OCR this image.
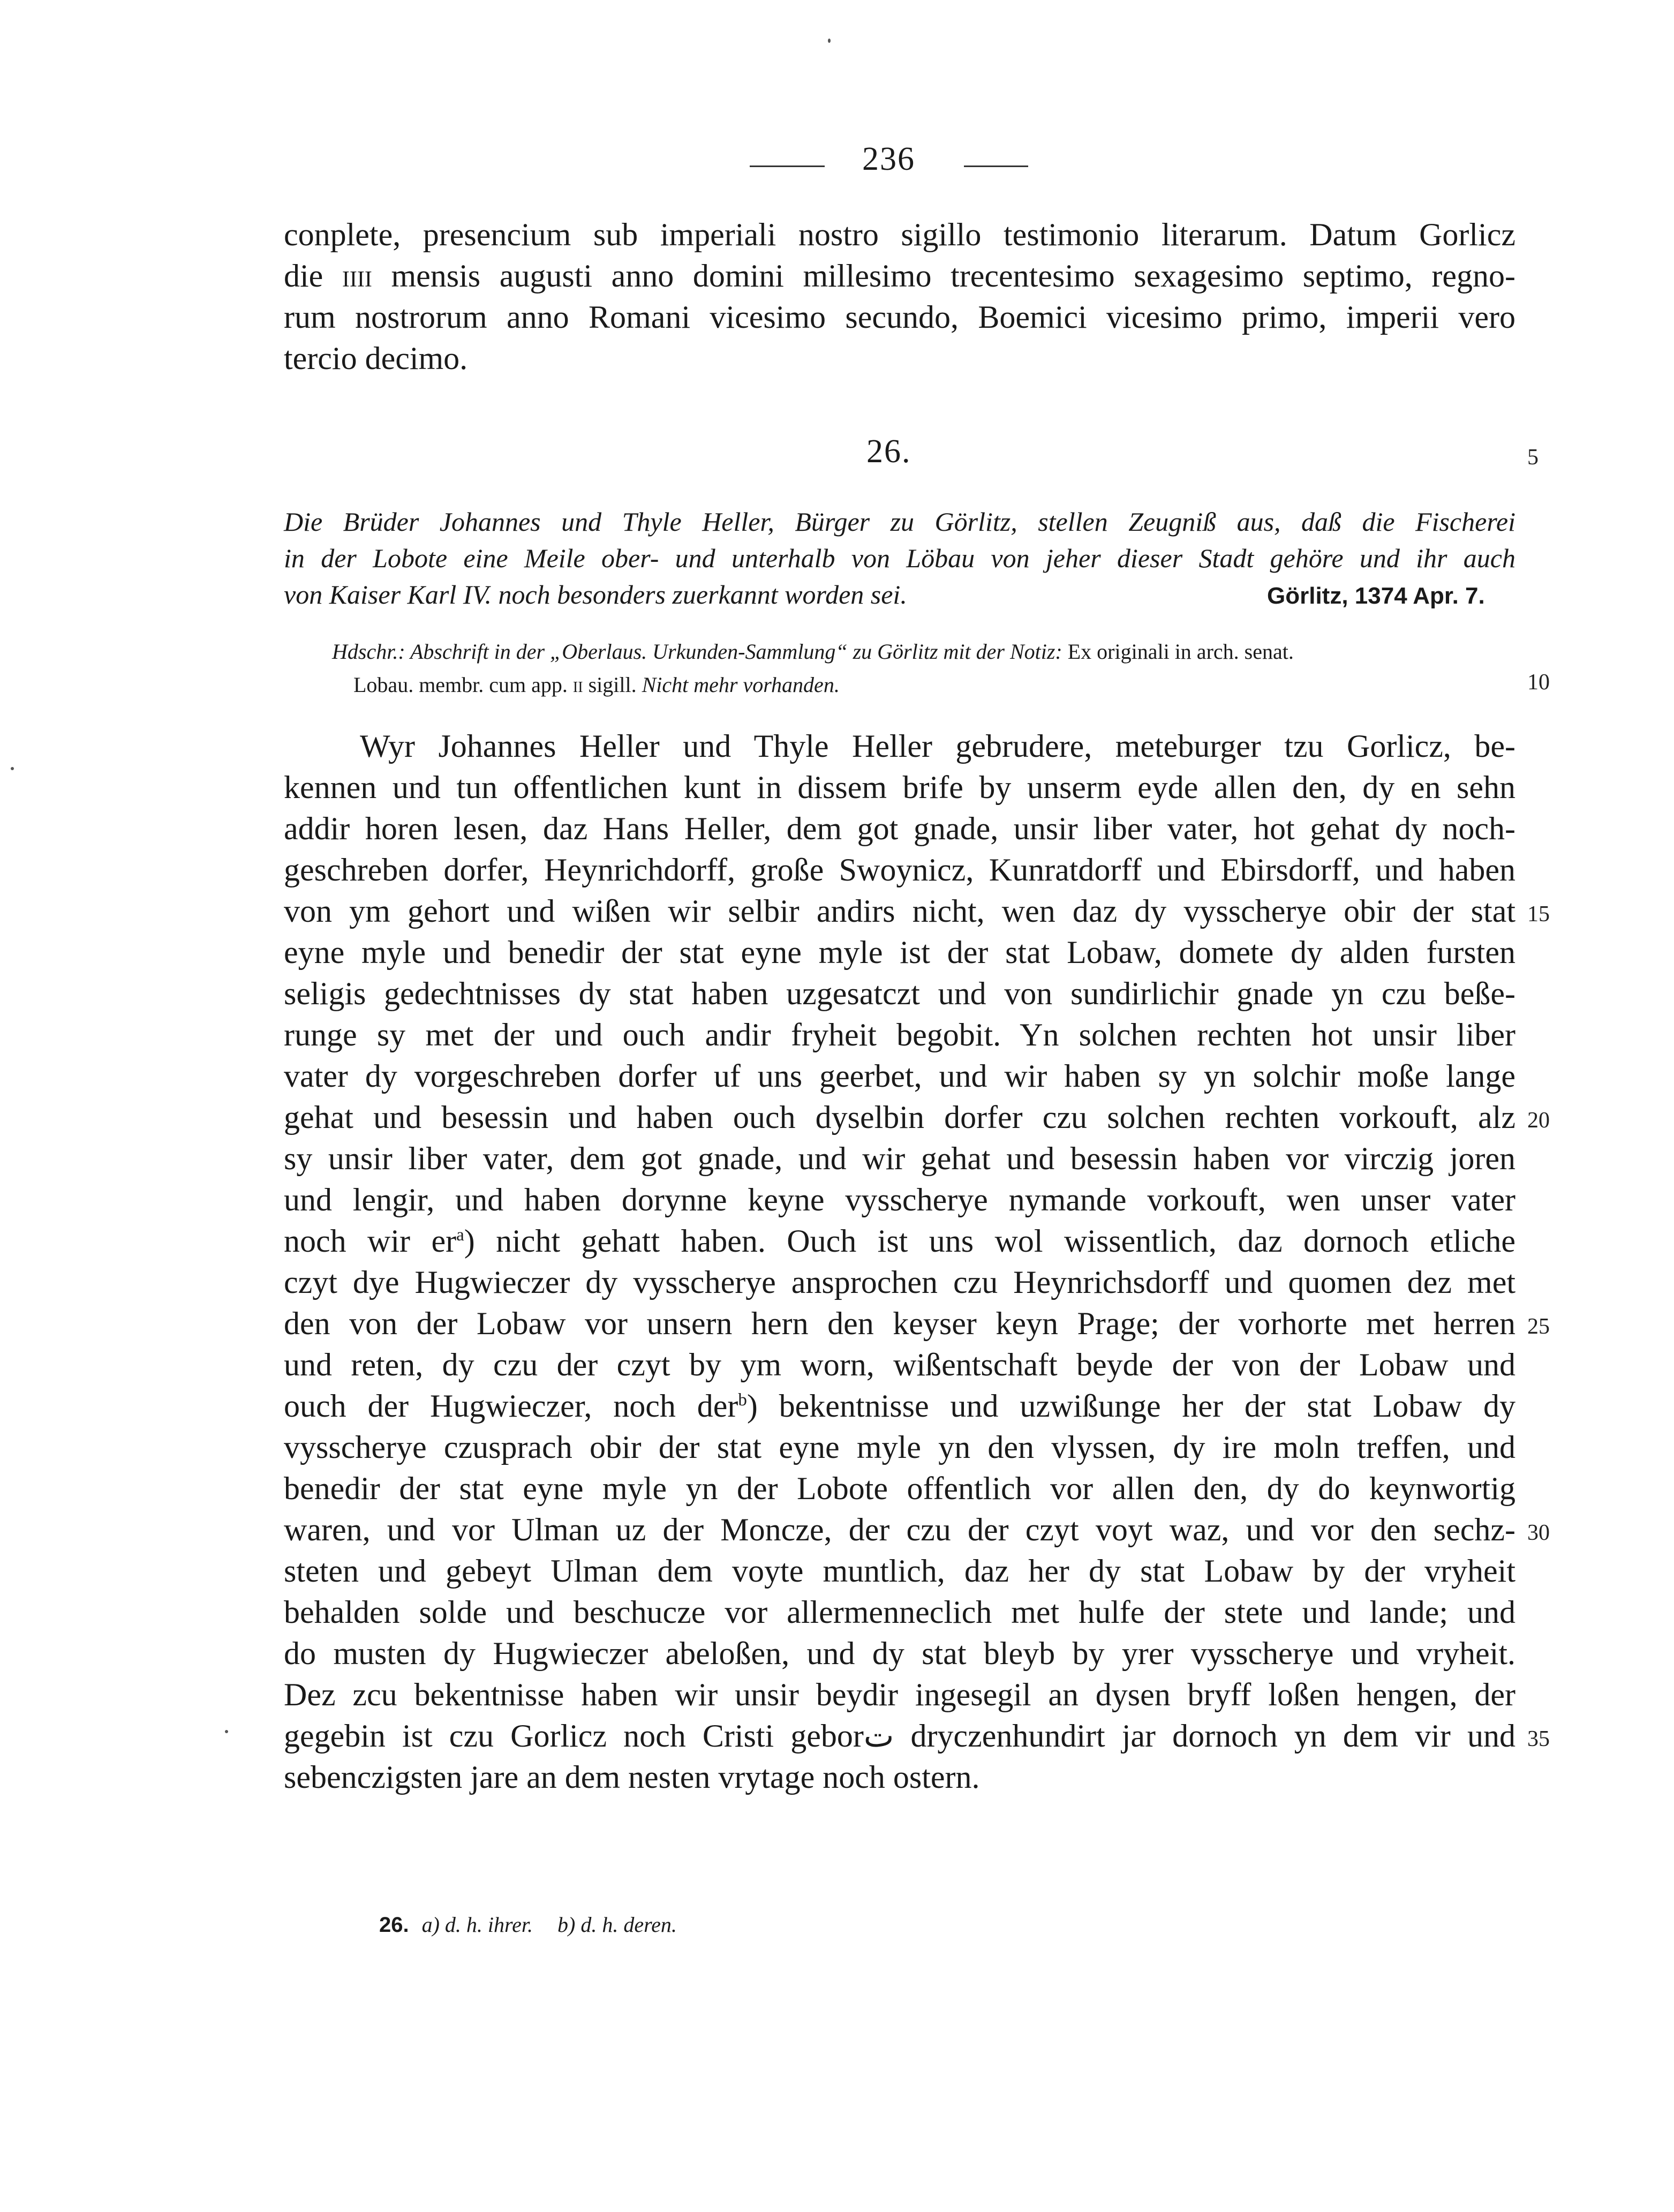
236
conplete, presencium sub imperiali nostro sigillo testimonio literarum. Datum Gorlicz
die iiii mensis augusti anno domini millesimo trecentesimo sexagesimo septimo, regno-
rum nostrorum anno Romani vicesimo secundo, Boemici vicesimo primo, imperii vero
tercio decimo.
26.
Die Brüder Johannes und Thyle Heller, Bürger zu Görlitz, stellen Zeugniß aus, daß die Fischerei
in der Lobote eine Meile ober- und unterhalb von Löbau von jeher dieser Stadt gehöre und ihr auch
von Kaiser Karl IV. noch besonders zuerkannt worden sei.	Görlitz, 1374 Apr. 7.
Hdschr.: Abschrift in der „Oberlaus. Urkunden-Sammlung“ zu Görlitz mit der Notiz: Ex originali in arch. senat.
Lobau. membr. cum app. ii sigill. Nicht mehr vorhanden.
Wyr Johannes Heller und Thyle Heller gebrudere, meteburger tzu Gorlicz, be-
kennen und tun offentlichen kunt in dissem brife by unserm eyde allen den, dy en sehn
addir horen lesen, daz Hans Heller, dem got gnade, unsir liber vater, hot gehat dy noch-
geschreben dorfer, Heynrichdorff, große Swoynicz, Kunratdorff und Ebirsdorff, und haben
von ym gehort und wißen wir selbir andirs nicht, wen daz dy vysscherye obir der stat
eyne myle und benedir der stat eyne myle ist der stat Lobaw, domete dy alden fursten
seligis gedechtnisses dy stat haben uzgesatczt und von sundirlichir gnade yn czu beße-
runge sy met der und ouch andir fryheit begobit. Yn solchen rechten hot unsir liber
vater dy vorgeschreben dorfer uf uns geerbet, und wir haben sy yn solchir moße lange
gehat und besessin und haben ouch dyselbin dorfer czu solchen rechten vorkouft, alz
sy unsir liber vater, dem got gnade, und wir gehat und besessin haben vor virczig joren
und lengir, und haben dorynne keyne vysscherye nymande vorkouft, wen unser vater
noch wir $er^a$) nicht gehatt haben. Ouch ist uns wol wissentlich, daz dornoch etliche
czyt dye Hugwieczer dy vysscherye ansprochen czu Heynrichsdorff und quomen dez met
den von der Lobaw vor unsern hern den keyser keyn Prage; der vorhorte met herren
und reten, dy czu der czyt by ym worn, wißentschaft beyde der von der Lobaw und
ouch der Hugwieczer, noch der$^b$) bekentnisse und uzwißunge her der stat Lobaw dy
vysscherye czusprach obir der stat eyne myle yn den vlyssen, dy ire moln treffen, und
benedir der stat eyne myle yn der Lobote offentlich vor allen den, dy do keynwortig
waren, und vor Ulman uz der Moncze, der czu der czyt voyt waz, und vor den sechz-
steten und gebeyt Ulman dem voyte muntlich, daz her dy stat Lobaw by der vryheit
behalden solde und beschucze vor allermenneclich met hulfe der stete und lande; und
do musten dy Hugwieczer abeloßen, und dy stat bleyb by yrer vysscherye und vryheit.
Dez zcu bekentnisse haben wir unsir beydir ingesegil an dysen bryff loßen hengen, der
gegebin ist czu Gorlicz noch Cristi geborت dryczenhundirt jar dornoch yn dem vir und
sebenczigsten jare an dem nesten vrytage noch ostern.
5
10
15
20
25
30
35
26. a) d. h. ihrer. b) d. h. deren.
